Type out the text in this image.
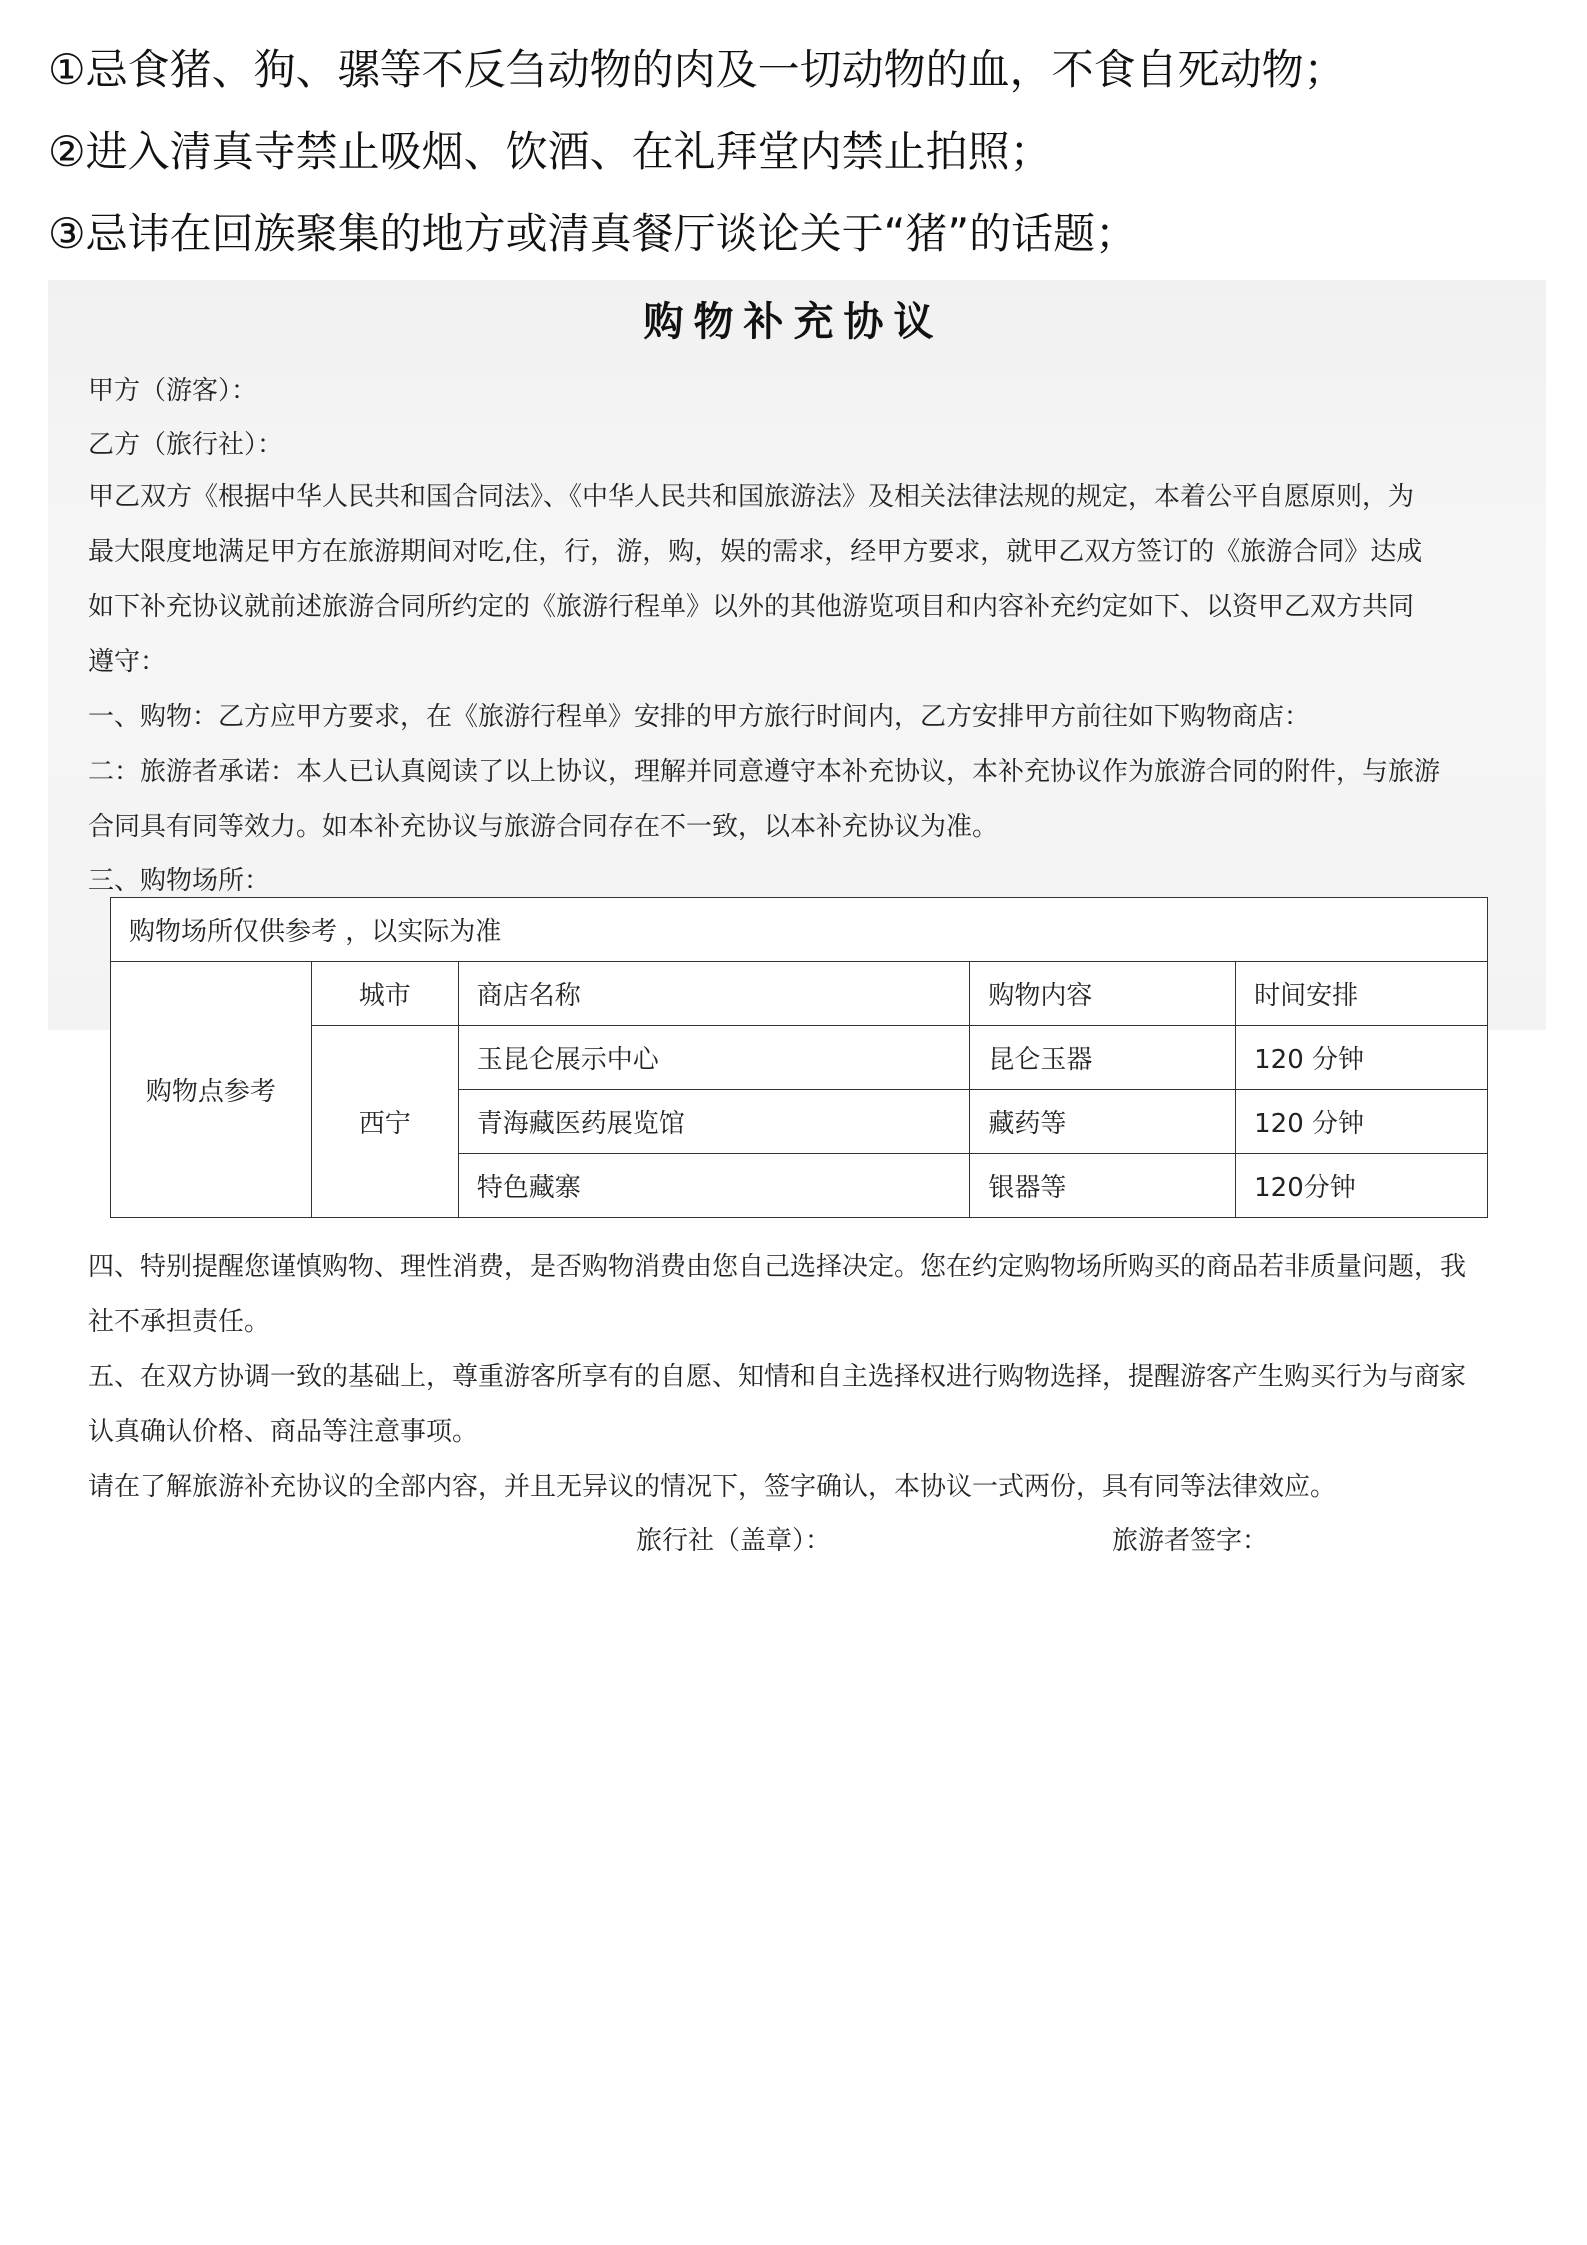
①忌食猪、狗、骡等不反刍动物的肉及一切动物的血，不食自死动物；
②进入清真寺禁止吸烟、饮酒、在礼拜堂内禁止拍照；
③忌讳在回族聚集的地方或清真餐厅谈论关于“猪”的话题；
购物补充协议
甲方（游客）：
乙方（旅行社）：
甲乙双方《根据中华人民共和国合同法》、《中华人民共和国旅游法》及相关法律法规的规定，本着公平自愿原则，为
最大限度地满足甲方在旅游期间对吃,住，行，游，购，娱的需求，经甲方要求，就甲乙双方签订的《旅游合同》达成
如下补充协议就前述旅游合同所约定的《旅游行程单》以外的其他游览项目和内容补充约定如下、以资甲乙双方共同
遵守：
一、购物：乙方应甲方要求，在《旅游行程单》安排的甲方旅行时间内，乙方安排甲方前往如下购物商店：
二：旅游者承诺：本人已认真阅读了以上协议，理解并同意遵守本补充协议，本补充协议作为旅游合同的附件，与旅游
合同具有同等效力。如本补充协议与旅游合同存在不一致，以本补充协议为准。
三、购物场所：
购物场所仅供参考 ，以实际为准				
购物点参考	城市	商店名称	购物内容	时间安排
	西宁	玉昆仑展示中心	昆仑玉器	120 分钟
		青海藏医药展览馆	藏药等	120 分钟
		特色藏寨	银器等	120分钟
四、特别提醒您谨慎购物、理性消费，是否购物消费由您自己选择决定。您在约定购物场所购买的商品若非质量问题，我
社不承担责任。
五、在双方协调一致的基础上，尊重游客所享有的自愿、知情和自主选择权进行购物选择，提醒游客产生购买行为与商家
认真确认价格、商品等注意事项。
请在了解旅游补充协议的全部内容，并且无异议的情况下，签字确认，本协议一式两份，具有同等法律效应。
旅行社（盖章）：	旅游者签字：
